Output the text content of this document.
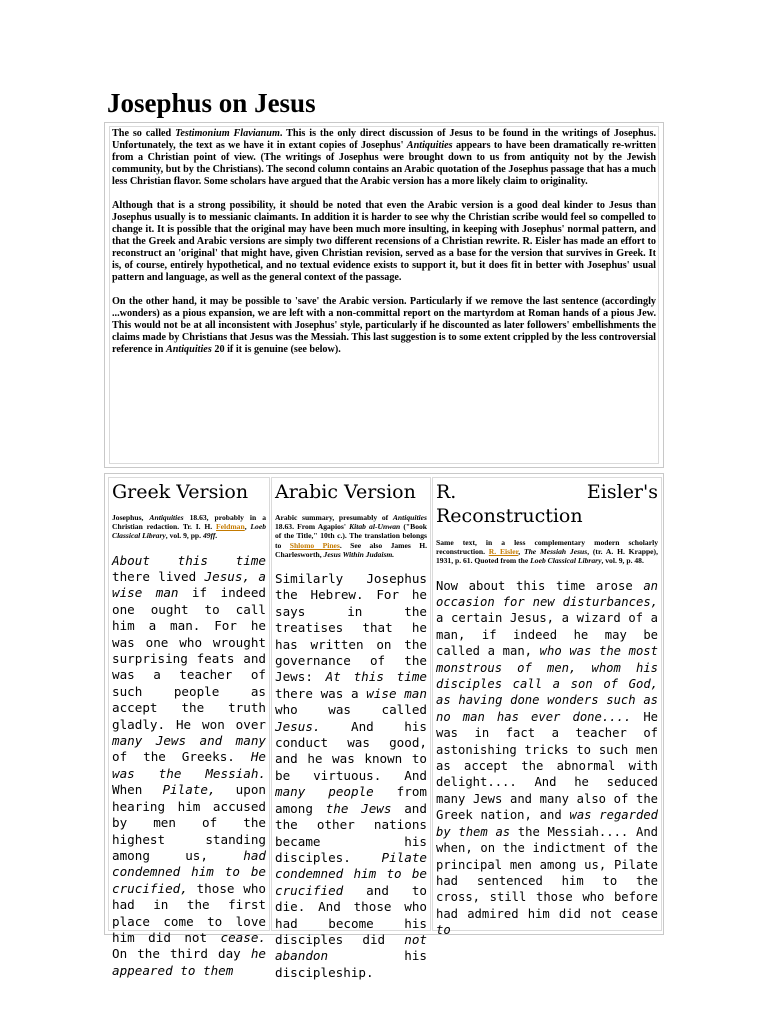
Josephus on Jesus

The so called Testimonium Flavianum. This is the only direct discussion of Jesus to be found in the writings of Josephus. Unfortunately, the text as we have it in extant copies of Josephus' Antiquities appears to have been dramatically re-written from a Christian point of view. (The writings of Josephus were brought down to us from antiquity not by the Jewish community, but by the Christians). The second column contains an Arabic quotation of the Josephus passage that has a much less Christian flavor. Some scholars have argued that the Arabic version has a more likely claim to originality.

Although that is a strong possibility, it should be noted that even the Arabic version is a good deal kinder to Jesus than Josephus usually is to messianic claimants. In addition it is harder to see why the Christian scribe would feel so compelled to change it. It is possible that the original may have been much more insulting, in keeping with Josephus' normal pattern, and that the Greek and Arabic versions are simply two different recensions of a Christian rewrite. R. Eisler has made an effort to reconstruct an 'original' that might have, given Christian revision, served as a base for the version that survives in Greek. It is, of course, entirely hypothetical, and no textual evidence exists to support it, but it does fit in better with Josephus' usual pattern and language, as well as the general context of the passage.

On the other hand, it may be possible to 'save' the Arabic version. Particularly if we remove the last sentence (accordingly ...wonders) as a pious expansion, we are left with a non-committal report on the martyrdom at Roman hands of a pious Jew. This would not be at all inconsistent with Josephus' style, particularly if he discounted as later followers' embellishments the claims made by Christians that Jesus was the Messiah. This last suggestion is to some extent crippled by the less controversial reference in Antiquities 20 if it is genuine (see below).

Greek Version

Josephus, Antiquities 18.63, probably in a Christian redaction. Tr. I. H. Feldman, Loeb Classical Library, vol. 9, pp. 49ff.

About this time there lived Jesus, a wise man if indeed one ought to call him a man. For he was one who wrought surprising feats and was a teacher of such people as accept the truth gladly. He won over many Jews and many of the Greeks. He was the Messiah. When Pilate, upon hearing him accused by men of the highest standing among us, had condemned him to be crucified, those who had in the first place come to love him did not cease. On the third day he appeared to them

Arabic Version

Arabic summary, presumably of Antiquities 18.63. From Agapios' Kitab al-Unwan ("Book of the Title," 10th c.). The translation belongs to Shlomo Pines. See also James H. Charlesworth, Jesus Within Judaism.

Similarly Josephus the Hebrew. For he says in the treatises that he has written on the governance of the Jews: At this time there was a wise man who was called Jesus. And his conduct was good, and he was known to be virtuous. And many people from among the Jews and the other nations became his disciples. Pilate condemned him to be crucified and to die. And those who had become his disciples did not abandon his discipleship.

R. Eisler's
Reconstruction

Same text, in a less complementary modern scholarly reconstruction. R. Eisler, The Messiah Jesus, (tr. A. H. Krappe), 1931, p. 61. Quoted from the Loeb Classical Library, vol. 9, p. 48.

Now about this time arose an occasion for new disturbances, a certain Jesus, a wizard of a man, if indeed he may be called a man, who was the most monstrous of men, whom his disciples call a son of God, as having done wonders such as no man has ever done.... He was in fact a teacher of astonishing tricks to such men as accept the abnormal with delight.... And he seduced many Jews and many also of the Greek nation, and was regarded by them as the Messiah.... And when, on the indictment of the principal men among us, Pilate had sentenced him to the cross, still those who before had admired him did not cease to
